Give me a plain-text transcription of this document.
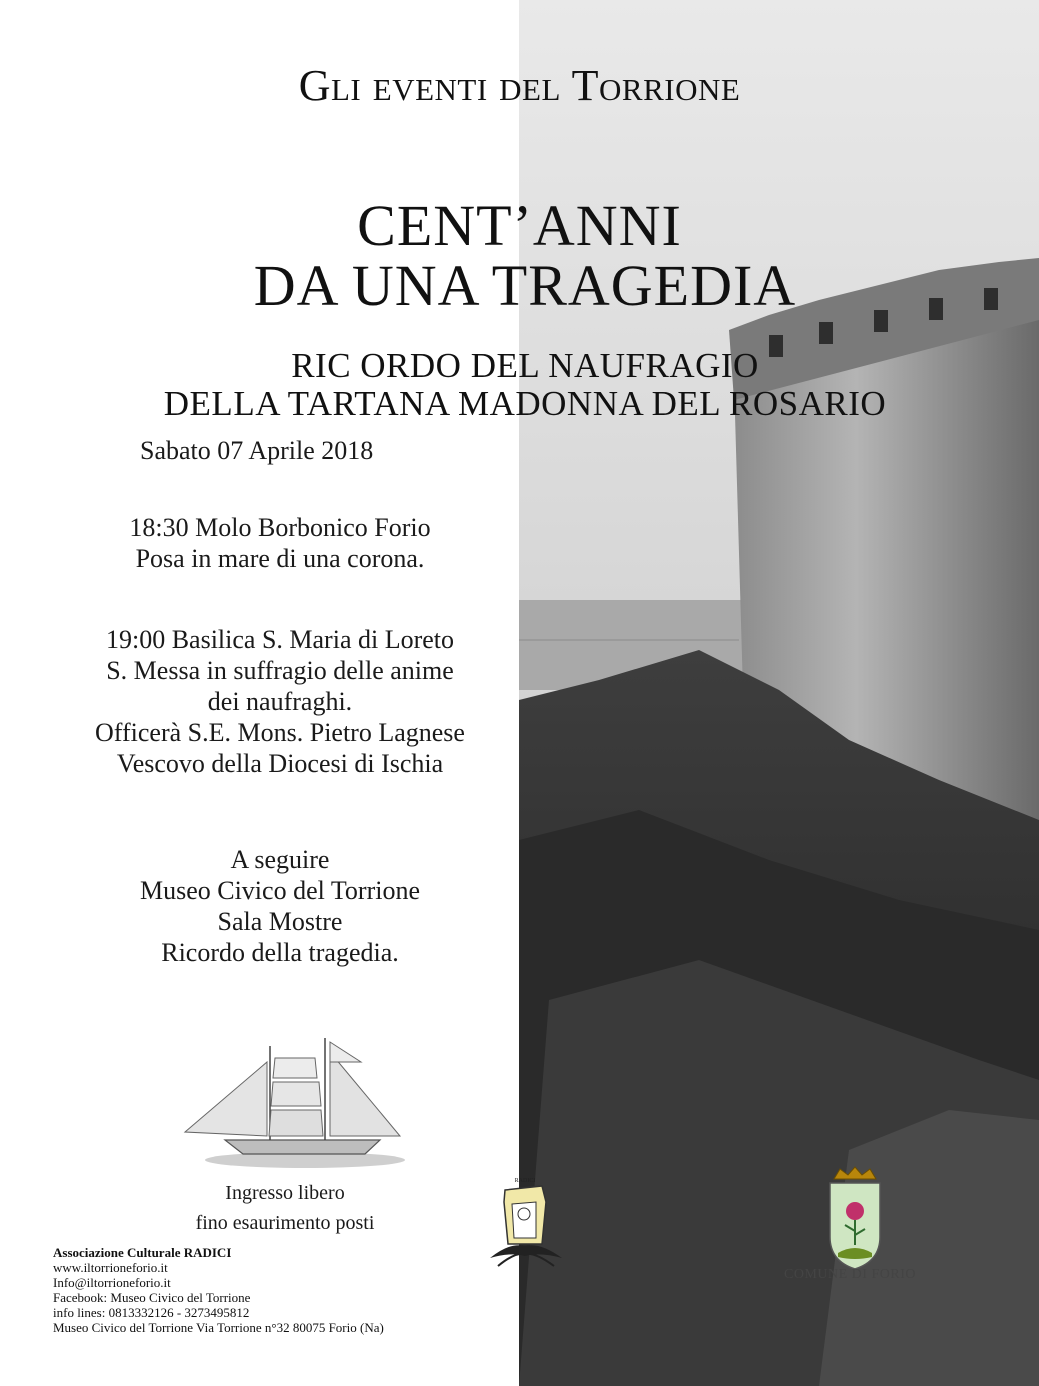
Gli eventi del Torrione
CENT’ANNI
DA UNA TRAGEDIA
RIC ORDO DEL NAUFRAGIO
DELLA TARTANA MADONNA DEL ROSARIO
Sabato 07 Aprile 2018
18:30 Molo Borbonico Forio
Posa in mare di una corona.
19:00 Basilica S. Maria di Loreto
S. Messa in suffragio delle anime
dei naufraghi.
Officerà S.E. Mons. Pietro Lagnese
Vescovo della Diocesi di Ischia
A seguire
Museo Civico del Torrione
Sala Mostre
Ricordo della tragedia.
Ingresso libero
fino esaurimento posti
Associazione Culturale RADICI
www.iltorrioneforio.it
Info@iltorrioneforio.it
Facebook: Museo Civico del Torrione
info lines: 0813332126 - 3273495812
Museo Civico del Torrione Via Torrione n°32 80075 Forio (Na)
RADICI
COMUNE DI FORIO
